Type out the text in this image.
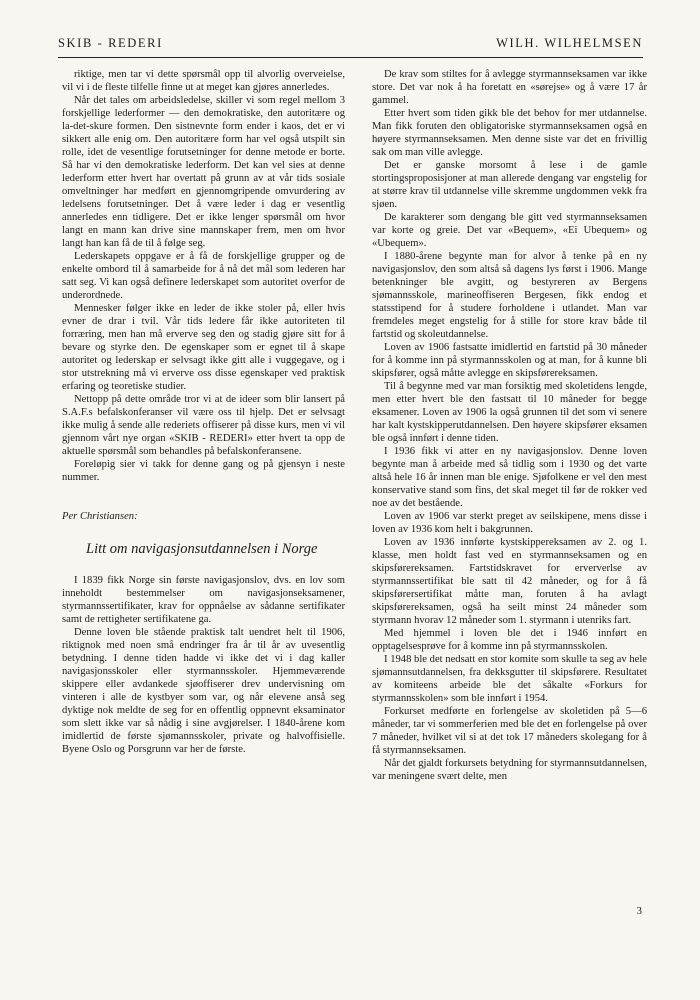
SKIB - REDERI	WILH. WILHELMSEN

riktige, men tar vi dette spørsmål opp til alvorlig overveielse, vil vi i de fleste tilfelle finne ut at meget kan gjøres annerledes.

Når det tales om arbeidsledelse, skiller vi som regel mellom 3 forskjellige lederformer — den demokratiske, den autoritære og la-det-skure formen. Den sistnevnte form ender i kaos, det er vi sikkert alle enig om. Den autoritære form har vel også utspilt sin rolle, idet de vesentlige forutsetninger for denne metode er borte. Så har vi den demokratiske lederform. Det kan vel sies at denne lederform etter hvert har overtatt på grunn av at vår tids sosiale omveltninger har medført en gjennomgripende omvurdering av ledelsens forutsetninger. Det å være leder i dag er vesentlig annerledes enn tidligere. Det er ikke lenger spørsmål om hvor langt en mann kan drive sine mannskaper frem, men om hvor langt han kan få de til å følge seg.

Lederskapets oppgave er å få de forskjellige grupper og de enkelte ombord til å samarbeide for å nå det mål som lederen har satt seg. Vi kan også definere lederskapet som autoritet overfor de underordnede.

Mennesker følger ikke en leder de ikke stoler på, eller hvis evner de drar i tvil. Vår tids ledere får ikke autoriteten til forræring, men han må erverve seg den og stadig gjøre sitt for å bevare og styrke den. De egenskaper som er egnet til å skape autoritet og lederskap er selvsagt ikke gitt alle i vuggegave, og i stor utstrekning må vi erverve oss disse egenskaper ved praktisk erfaring og teoretiske studier.

Nettopp på dette område tror vi at de ideer som blir lansert på S.A.F.s befalskonferanser vil være oss til hjelp. Det er selvsagt ikke mulig å sende alle rederiets offiserer på disse kurs, men vi vil gjennom vårt nye organ «SKIB - REDERI» etter hvert ta opp de aktuelle spørsmål som behandles på befalskonferansene.

Foreløpig sier vi takk for denne gang og på gjensyn i neste nummer.

Per Christiansen:

Litt om navigasjonsutdannelsen i Norge

I 1839 fikk Norge sin første navigasjonslov, dvs. en lov som inneholdt bestemmelser om navigasjonseksamener, styrmannssertifikater, krav for oppnåelse av sådanne sertifikater samt de rettigheter sertifikatene ga.

Denne loven ble stående praktisk talt uendret helt til 1906, riktignok med noen små endringer fra år til år av uvesentlig betydning. I denne tiden hadde vi ikke det vi i dag kaller navigasjonsskoler eller styrmannsskoler. Hjemmeværende skippere eller avdankede sjøoffiserer drev undervisning om vinteren i alle de kystbyer som var, og når elevene anså seg dyktige nok meldte de seg for en offentlig oppnevnt eksaminator som slett ikke var så nådig i sine avgjørelser. I 1840-årene kom imidlertid de første sjømannsskoler, private og halvoffisielle. Byene Oslo og Porsgrunn var her de første.

De krav som stiltes for å avlegge styrmannseksamen var ikke store. Det var nok å ha foretatt en «sørejse» og å være 17 år gammel.

Etter hvert som tiden gikk ble det behov for mer utdannelse. Man fikk foruten den obligatoriske styrmannseksamen også en høyere styrmannseksamen. Men denne siste var det en frivillig sak om man ville avlegge.

Det er ganske morsomt å lese i de gamle stortingsproposisjoner at man allerede dengang var engstelig for at større krav til utdannelse ville skremme ungdommen vekk fra sjøen.

De karakterer som dengang ble gitt ved styrmannseksamen var korte og greie. Det var «Bequem», «Ei Ubequem» og «Ubequem».

I 1880-årene begynte man for alvor å tenke på en ny navigasjonslov, den som altså så dagens lys først i 1906. Mange betenkninger ble avgitt, og bestyreren av Bergens sjømannsskole, marineoffiseren Bergesen, fikk endog et statsstipend for å studere forholdene i utlandet. Man var fremdeles meget engstelig for å stille for store krav både til fartstid og skoleutdannelse.

Loven av 1906 fastsatte imidlertid en fartstid på 30 måneder for å komme inn på styrmannsskolen og at man, for å kunne bli skipsfører, også måtte avlegge en skipsførereksamen.

Til å begynne med var man forsiktig med skoletidens lengde, men etter hvert ble den fastsatt til 10 måneder for begge eksamener. Loven av 1906 la også grunnen til det som vi senere har kalt kystskipperutdannelsen. Den høyere skipsfører eksamen ble også innført i denne tiden.

I 1936 fikk vi atter en ny navigasjonslov. Denne loven begynte man å arbeide med så tidlig som i 1930 og det varte altså hele 16 år innen man ble enige. Sjøfolkene er vel den mest konservative stand som fins, det skal meget til før de rokker ved noe av det bestående.

Loven av 1906 var sterkt preget av seilskipene, mens disse i loven av 1936 kom helt i bakgrunnen.

Loven av 1936 innførte kystskippereksamen av 2. og 1. klasse, men holdt fast ved en styrmannseksamen og en skipsførereksamen. Fartstidskravet for erververlse av styrmannssertifikat ble satt til 42 måneder, og for å få skipsførersertifikat måtte man, foruten å ha avlagt skipsførereksamen, også ha seilt minst 24 måneder som styrmann hvorav 12 måneder som 1. styrmann i utenriks fart.

Med hjemmel i loven ble det i 1946 innført en opptagelsesprøve for å komme inn på styrmannsskolen.

I 1948 ble det nedsatt en stor komite som skulle ta seg av hele sjømannsutdannelsen, fra dekksgutter til skipsførere. Resultatet av komiteens arbeide ble det såkalte «Forkurs for styrmannsskolen» som ble innført i 1954.

Forkurset medførte en forlengelse av skoletiden på 5—6 måneder, tar vi sommerferien med ble det en forlengelse på over 7 måneder, hvilket vil si at det tok 17 måneders skolegang for å få styrmannseksamen.

Når det gjaldt forkursets betydning for styrmannsutdannelsen, var meningene svært delte, men

3
